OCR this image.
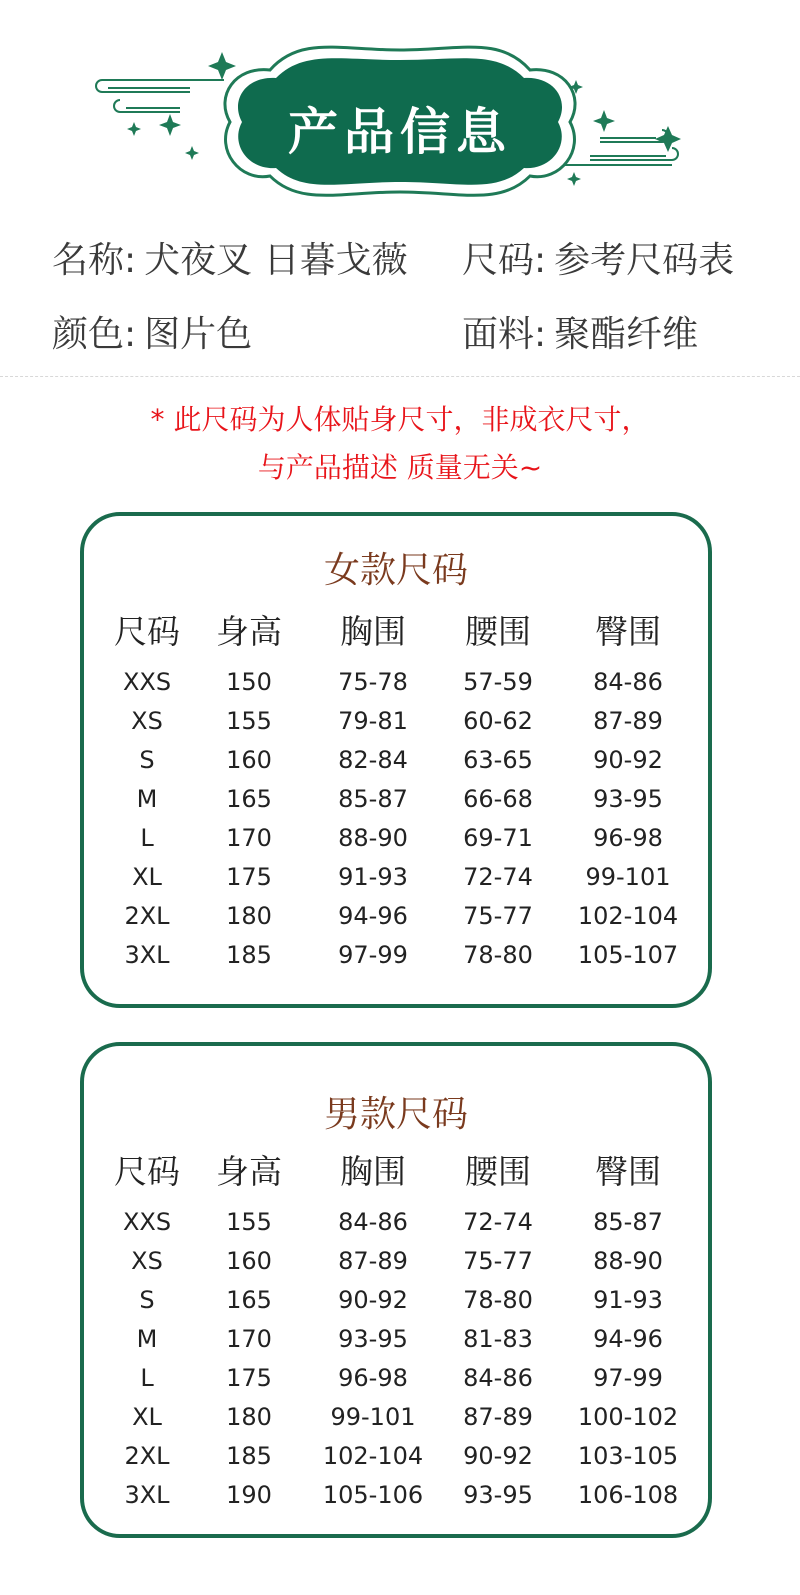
产品信息
名称: 犬夜叉 日暮戈薇 尺码: 参考尺码表
颜色: 图片色	面料: 聚酯纤维
* 此尺码为人体贴身尺寸，非成衣尺寸，
与产品描述 质量无关~
女款尺码
尺码	身高	胸围	腰围	臀围
XXS	150	75-78	57-59	84-86
XS	155	79-81	60-62	87-89
S	160	82-84	63-65	90-92
M	165	85-87	66-68	93-95
L	170	88-90	69-71	96-98
XL	175	91-93	72-74	99-101
2XL	180	94-96	75-77	102-104
3XL	185	97-99	78-80	105-107
男款尺码
尺码	身高	胸围	腰围	臀围
XXS	155	84-86	72-74	85-87
XS	160	87-89	75-77	88-90
S	165	90-92	78-80	91-93
M	170	93-95	81-83	94-96
L	175	96-98	84-86	97-99
XL	180	99-101	87-89	100-102
2XL	185	102-104	90-92	103-105
3XL	190	105-106	93-95	106-108
